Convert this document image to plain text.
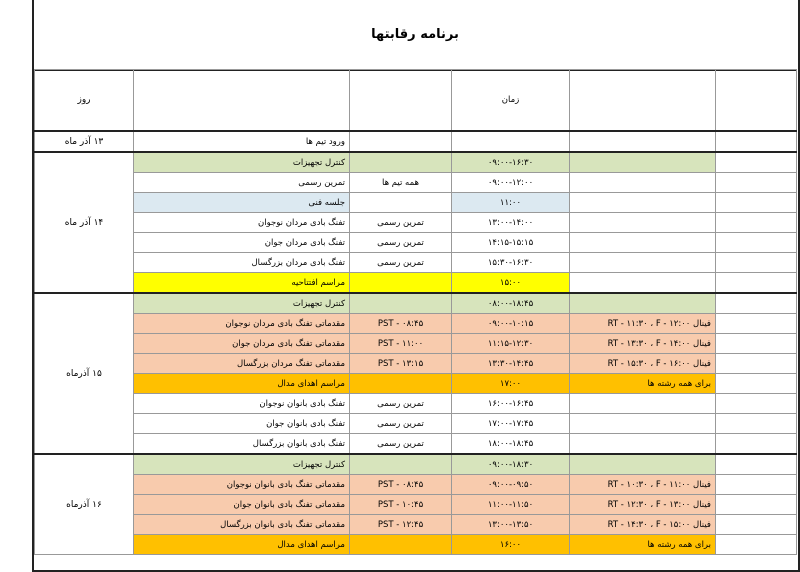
برنامه رقابتها
روز			زمان		
۱۳ آذر ماه	ورود تیم ها				
۱۴ آذر ماه	کنترل تجهیزات		۰۹:۰۰-۱۶:۳۰		
	تمرین رسمی	همه تیم ها	۰۹:۰۰-۱۲:۰۰		
	جلسه فنی		۱۱:۰۰		
	تفنگ بادی مردان نوجوان	تمرین رسمی	۱۳:۰۰-۱۴:۰۰		
	تفنگ بادی مردان جوان	تمرین رسمی	۱۴:۱۵-۱۵:۱۵		
	تفنگ بادی مردان بزرگسال	تمرین رسمی	۱۵:۳۰-۱۶:۳۰		
	مراسم افتتاحیه		۱۵:۰۰		
۱۵ آذرماه	کنترل تجهیزات		۰۸:۰۰-۱۸:۴۵		
	مقدماتی تفنگ بادی مردان نوجوان	PST - ۰۸:۴۵	۰۹:۰۰-۱۰:۱۵	فینال RT - ۱۱:۳۰ ، F - ۱۲:۰۰	
	مقدماتی تفنگ بادی مردان جوان	PST - ۱۱:۰۰	۱۱:۱۵-۱۲:۳۰	فینال RT - ۱۳:۳۰ ، F - ۱۴:۰۰	
	مقدماتی تفنگ مردان بزرگسال	PST - ۱۳:۱۵	۱۳:۳۰-۱۴:۴۵	فینال RT - ۱۵:۳۰ ، F - ۱۶:۰۰	
	مراسم اهدای مدال		۱۷:۰۰	برای همه رشته ها	
	تفنگ بادی بانوان نوجوان	تمرین رسمی	۱۶:۰۰-۱۶:۴۵		
	تفنگ بادی بانوان جوان	تمرین رسمی	۱۷:۰۰-۱۷:۴۵		
	تفنگ بادی بانوان بزرگسال	تمرین رسمی	۱۸:۰۰-۱۸:۴۵		
۱۶ آذرماه	کنترل تجهیزات		۰۹:۰۰-۱۸:۳۰		
	مقدماتی تفنگ بادی بانوان نوجوان	PST - ۰۸:۴۵	۰۹:۰۰-۰۹:۵۰	فینال RT - ۱۰:۳۰ ، F - ۱۱:۰۰	
	مقدماتی تفنگ بادی بانوان جوان	PST - ۱۰:۴۵	۱۱:۰۰-۱۱:۵۰	فینال RT - ۱۲:۳۰ ، F - ۱۳:۰۰	
	مقدماتی تفنگ بادی بانوان بزرگسال	PST - ۱۲:۴۵	۱۳:۰۰-۱۳:۵۰	فینال RT - ۱۴:۳۰ ، F - ۱۵:۰۰	
	مراسم اهدای مدال		۱۶:۰۰	برای همه رشته ها	
